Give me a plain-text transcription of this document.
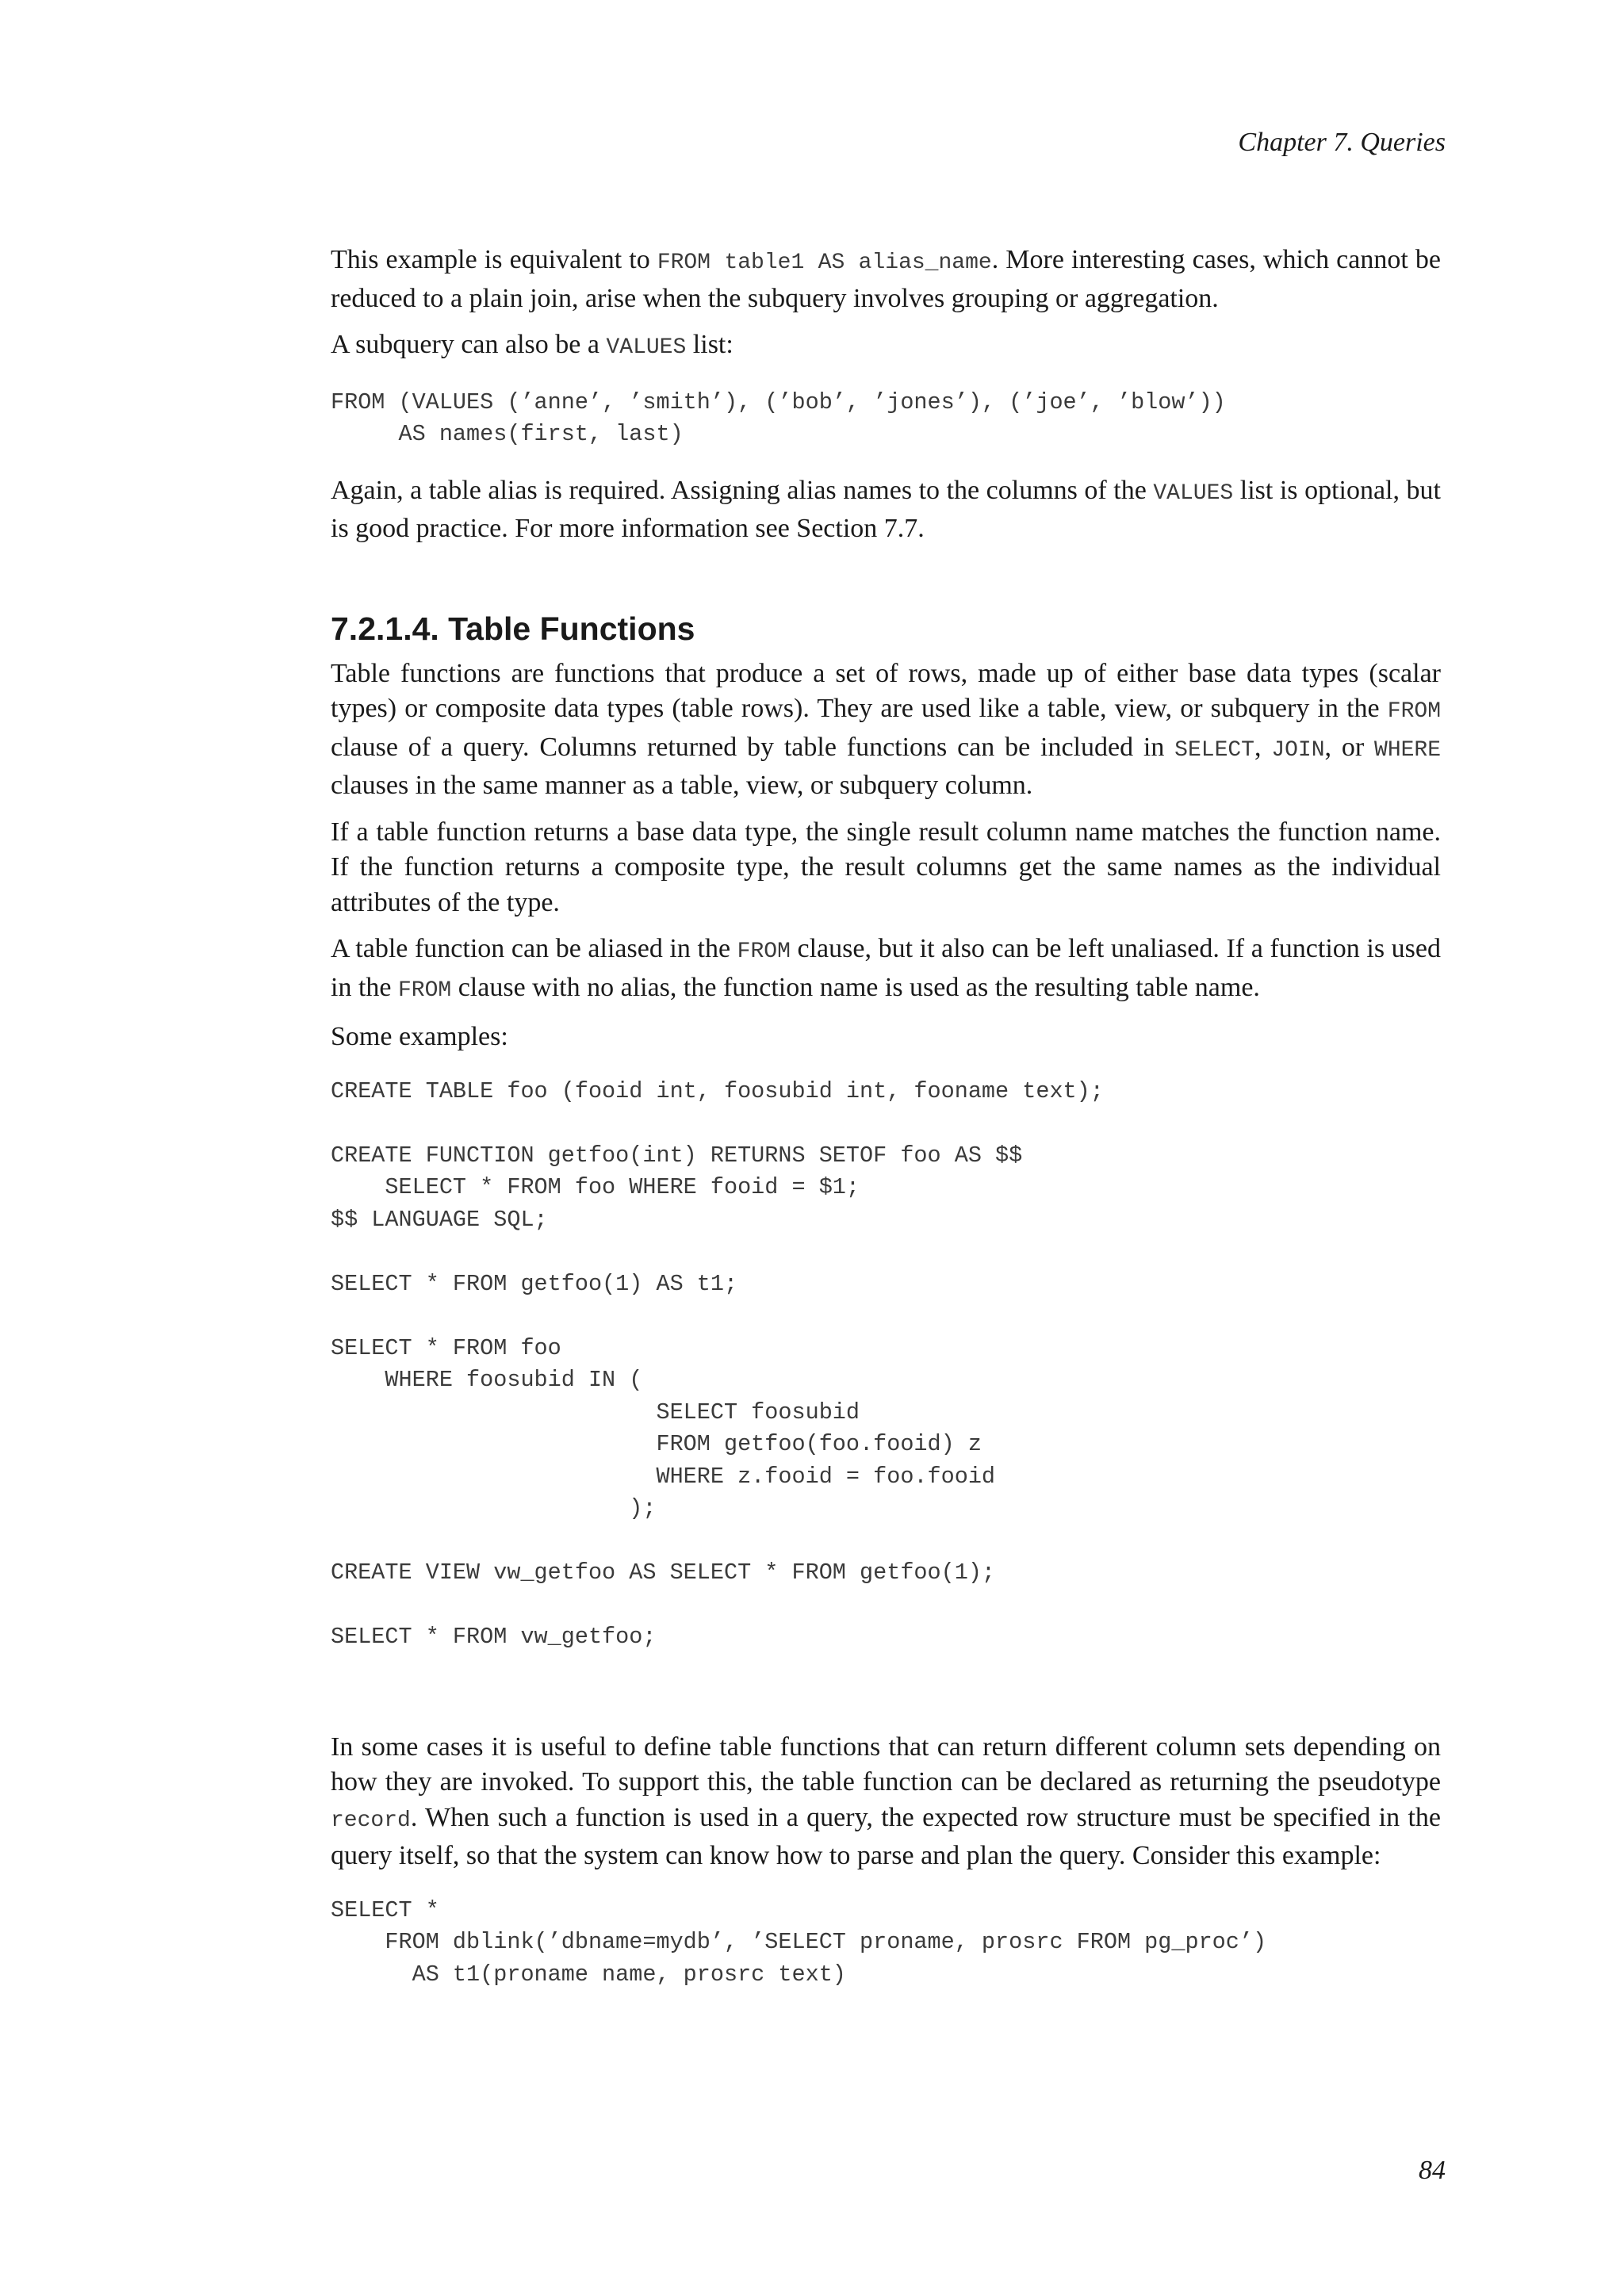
Chapter 7. Queries

This example is equivalent to FROM table1 AS alias_name. More interesting cases, which cannot be reduced to a plain join, arise when the subquery involves grouping or aggregation.

A subquery can also be a VALUES list:

FROM (VALUES (’anne’, ’smith’), (’bob’, ’jones’), (’joe’, ’blow’))
AS names(first, last)

Again, a table alias is required. Assigning alias names to the columns of the VALUES list is optional, but is good practice. For more information see Section 7.7.

7.2.1.4. Table Functions

Table functions are functions that produce a set of rows, made up of either base data types (scalar types) or composite data types (table rows). They are used like a table, view, or subquery in the FROM clause of a query. Columns returned by table functions can be included in SELECT, JOIN, or WHERE clauses in the same manner as a table, view, or subquery column.

If a table function returns a base data type, the single result column name matches the function name. If the function returns a composite type, the result columns get the same names as the individual attributes of the type.

A table function can be aliased in the FROM clause, but it also can be left unaliased. If a function is used in the FROM clause with no alias, the function name is used as the resulting table name.

Some examples:

CREATE TABLE foo (fooid int, foosubid int, fooname text);

CREATE FUNCTION getfoo(int) RETURNS SETOF foo AS $$
SELECT * FROM foo WHERE fooid = $1;
$$ LANGUAGE SQL;

SELECT * FROM getfoo(1) AS t1;

SELECT * FROM foo
WHERE foosubid IN (
SELECT foosubid
FROM getfoo(foo.fooid) z
WHERE z.fooid = foo.fooid
);

CREATE VIEW vw_getfoo AS SELECT * FROM getfoo(1);

SELECT * FROM vw_getfoo;

In some cases it is useful to define table functions that can return different column sets depending on how they are invoked. To support this, the table function can be declared as returning the pseudotype record. When such a function is used in a query, the expected row structure must be specified in the query itself, so that the system can know how to parse and plan the query. Consider this example:

SELECT *
FROM dblink(’dbname=mydb’, ’SELECT proname, prosrc FROM pg_proc’)
AS t1(proname name, prosrc text)
84
